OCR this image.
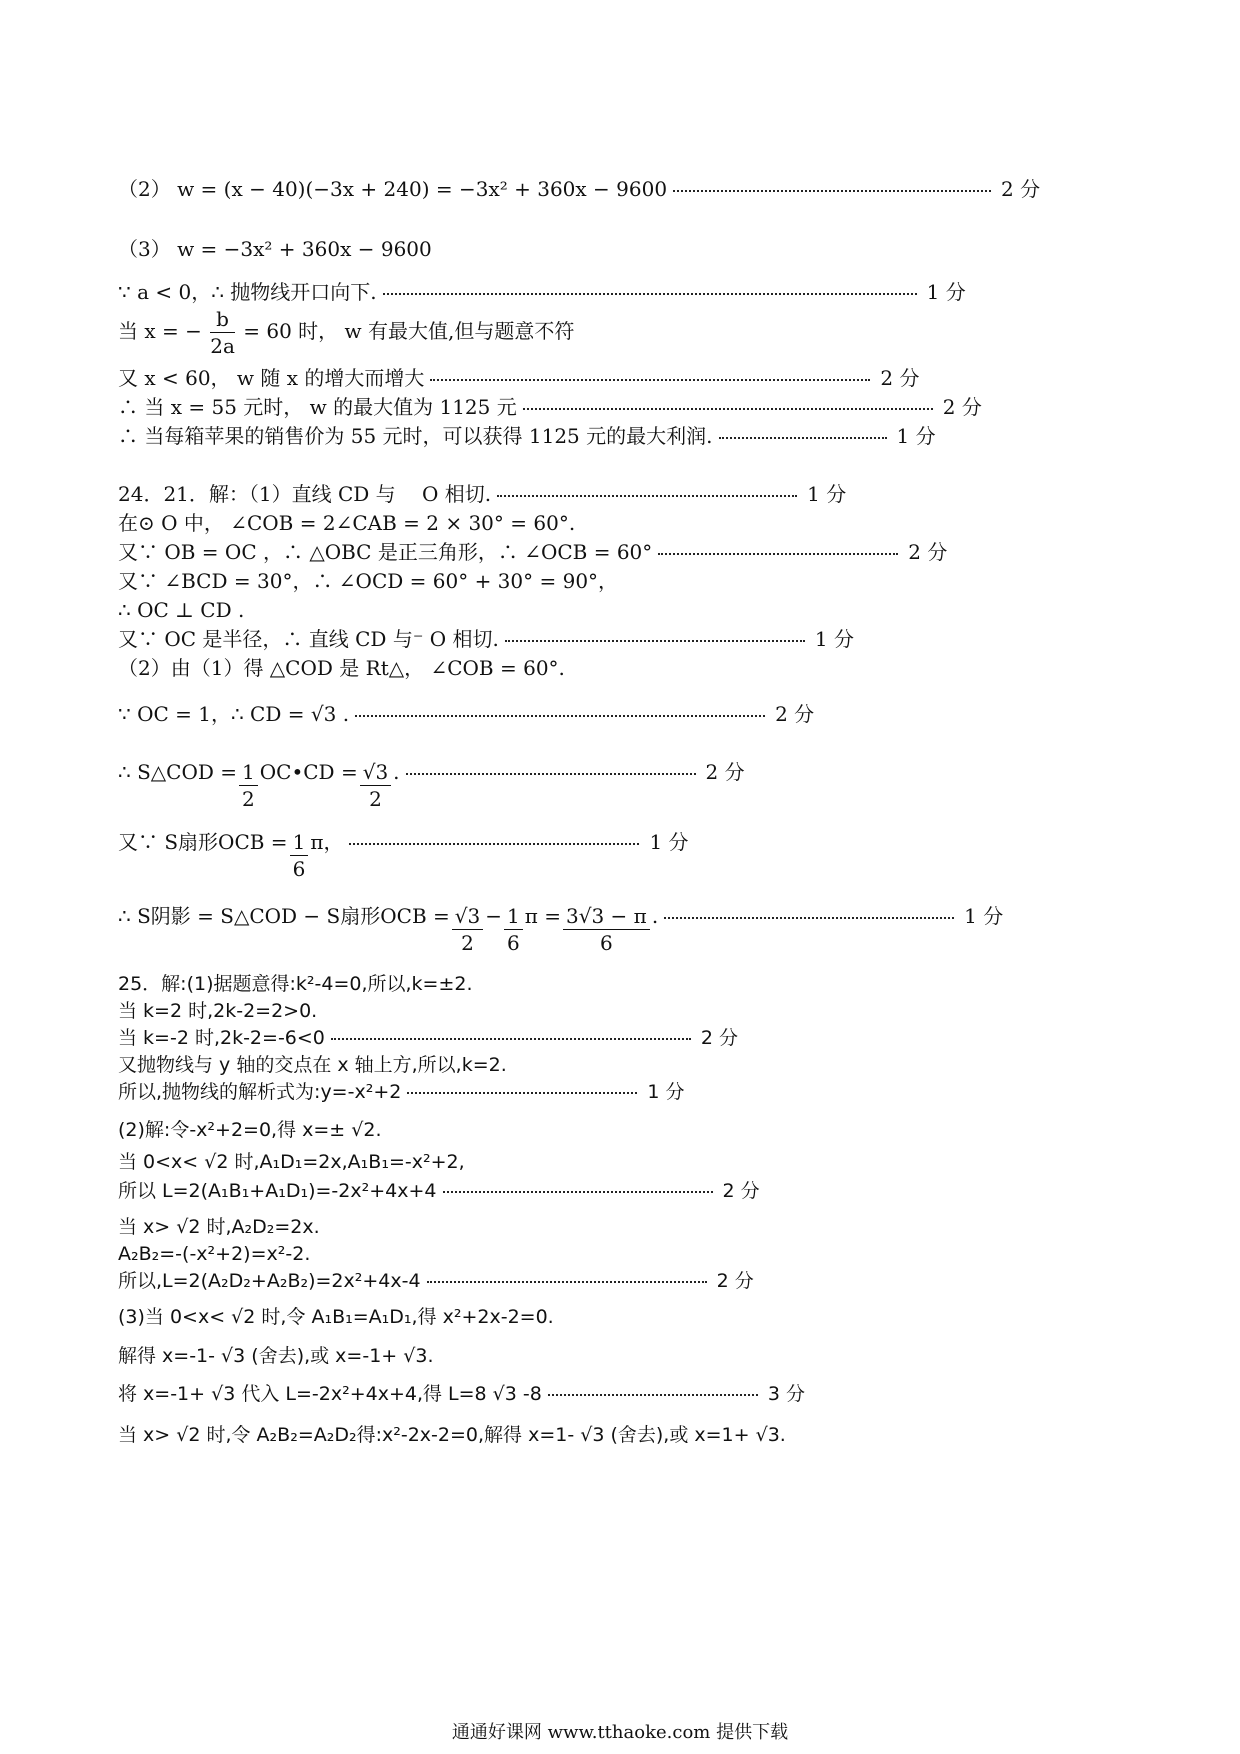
（2） w = (x − 40)(−3x + 240) = −3x² + 360x − 9600	2 分
（3） w = −3x² + 360x − 9600
∵ a < 0，∴ 抛物线开口向下.	1 分
当 x = − $\frac{b}{2a} = 60$ 时， w 有最大值,但与题意不符
又 x < 60， w 随 x 的增大而增大	2 分
∴ 当 x = 55 元时， w 的最大值为 1125 元	2 分
∴ 当每箱苹果的销售价为 55 元时，可以获得 1125 元的最大利润.	1 分
24．21．解：（1）直线 CD 与 　O 相切.	1 分
在⊙ O 中， ∠COB = 2∠CAB = 2 × 30° = 60°.
又∵ OB = OC ，∴ △OBC 是正三角形，∴ ∠OCB = 60°	2 分
又∵ ∠BCD = 30°，∴ ∠OCD = 60° + 30° = 90°，
∴ OC ⊥ CD .
又∵ OC 是半径，∴ 直线 CD 与⁻ O 相切.	1 分
（2）由（1）得 △COD 是 Rt△， ∠COB = 60°.
∵ OC = 1，∴ CD = √3 .	2 分
∴ S△COD = $\frac{1}{2}$ OC•CD = $\frac{√3}{2}$ .	2 分
又∵ S扇形OCB = $\frac{1}{6}$ π，	1 分
∴ S阴影 = S△COD − S扇形OCB = $\frac{√3}{2} - \frac{1}{6}$ $\pi = \frac{3√3 - \pi}{6}$ .	1 分
25．解:(1)据题意得:k²-4=0,所以,k=±2.
当 k=2 时,2k-2=2>0.
当 k=-2 时,2k-2=-6<0	2 分
又抛物线与 y 轴的交点在 x 轴上方,所以,k=2.
所以,抛物线的解析式为:y=-x²+2	1 分
(2)解:令-x²+2=0,得 x=± √2.
当 0<x< √2 时,A₁D₁=2x,A₁B₁=-x²+2,
所以 L=2(A₁B₁+A₁D₁)=-2x²+4x+4	2 分
当 x> √2 时,A₂D₂=2x.
A₂B₂=-(-x²+2)=x²-2.
所以,L=2(A₂D₂+A₂B₂)=2x²+4x-4	2 分
(3)当 0<x< √2 时,令 A₁B₁=A₁D₁,得 x²+2x-2=0.
解得 x=-1- √3 (舍去),或 x=-1+ √3.
将 x=-1+ √3 代入 L=-2x²+4x+4,得 L=8 √3 -8	3 分
当 x> √2 时,令 A₂B₂=A₂D₂得:x²-2x-2=0,解得 x=1- √3 (舍去),或 x=1+ √3.
通通好课网 www.tthaoke.com 提供下载
